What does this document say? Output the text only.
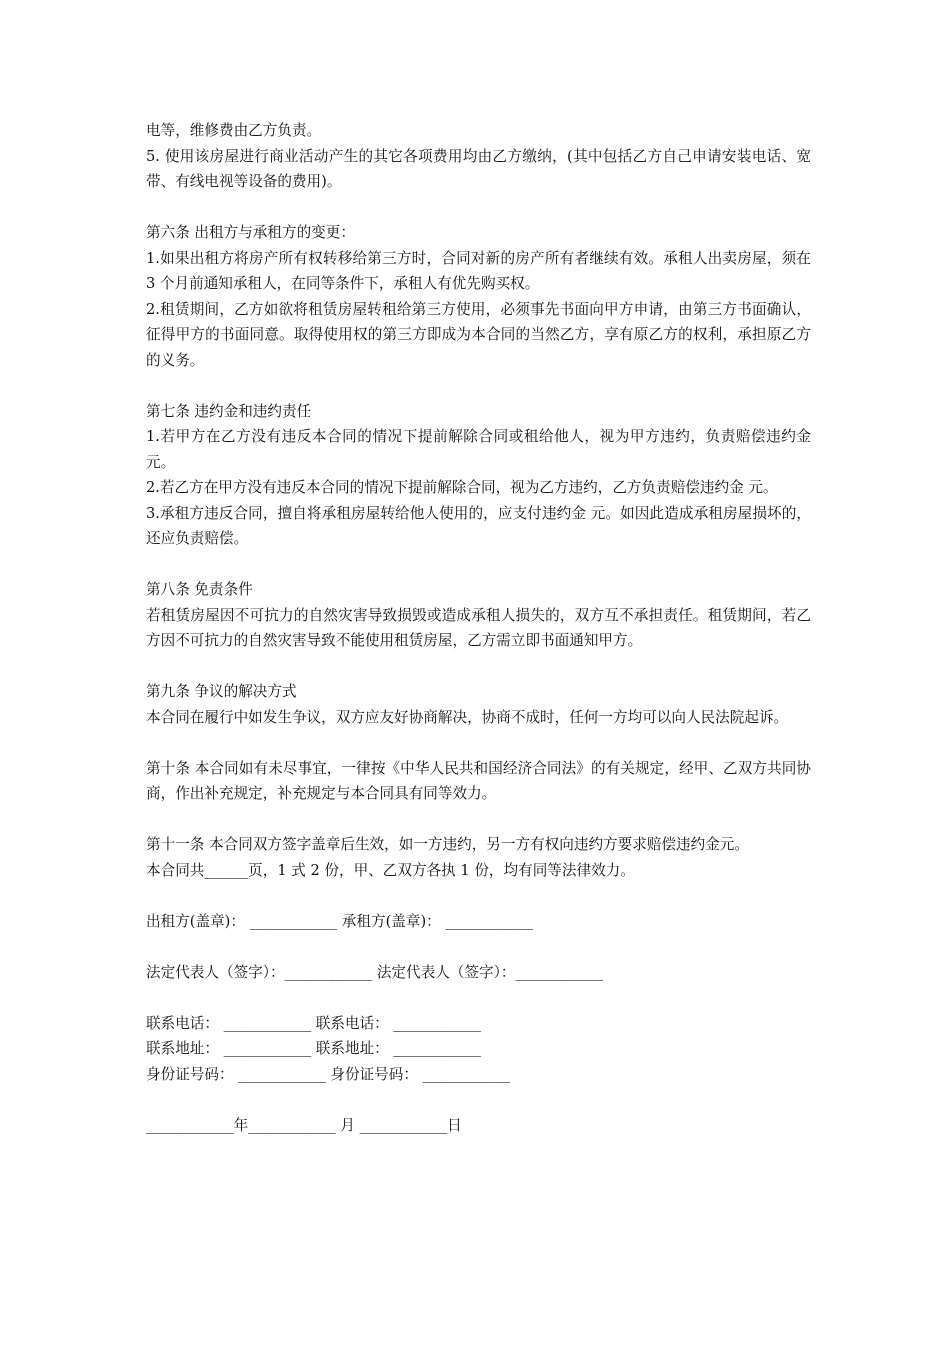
电等，维修费由乙方负责。

5. 使用该房屋进行商业活动产生的其它各项费用均由乙方缴纳，(其中包括乙方自己申请安装电话、宽带、有线电视等设备的费用)。

第六条 出租方与承租方的变更：

1.如果出租方将房产所有权转移给第三方时，合同对新的房产所有者继续有效。承租人出卖房屋，须在 3 个月前通知承租人，在同等条件下，承租人有优先购买权。

2.租赁期间，乙方如欲将租赁房屋转租给第三方使用，必须事先书面向甲方申请，由第三方书面确认，征得甲方的书面同意。取得使用权的第三方即成为本合同的当然乙方，享有原乙方的权利，承担原乙方的义务。

第七条 违约金和违约责任

1.若甲方在乙方没有违反本合同的情况下提前解除合同或租给他人，视为甲方违约，负责赔偿违约金 元。

2.若乙方在甲方没有违反本合同的情况下提前解除合同，视为乙方违约，乙方负责赔偿违约金 元。

3.承租方违反合同，擅自将承租房屋转给他人使用的，应支付违约金 元。如因此造成承租房屋损坏的，还应负责赔偿。

第八条 免责条件

若租赁房屋因不可抗力的自然灾害导致损毁或造成承租人损失的，双方互不承担责任。租赁期间，若乙方因不可抗力的自然灾害导致不能使用租赁房屋，乙方需立即书面通知甲方。

第九条 争议的解决方式

本合同在履行中如发生争议，双方应友好协商解决，协商不成时，任何一方均可以向人民法院起诉。

第十条 本合同如有未尽事宜，一律按《中华人民共和国经济合同法》的有关规定，经甲、乙双方共同协商，作出补充规定，补充规定与本合同具有同等效力。

第十一条 本合同双方签字盖章后生效，如一方违约，另一方有权向违约方要求赔偿违约金元。

本合同共______页，1 式 2 份，甲、乙双方各执 1 份，均有同等法律效力。

出租方(盖章)： ____________ 承租方(盖章)： ____________

法定代表人（签字）：____________ 法定代表人（签字）：____________

联系电话： ____________ 联系电话： ____________

联系地址： ____________ 联系地址： ____________

身份证号码： ____________ 身份证号码： ____________

____________年____________ 月 ____________日
